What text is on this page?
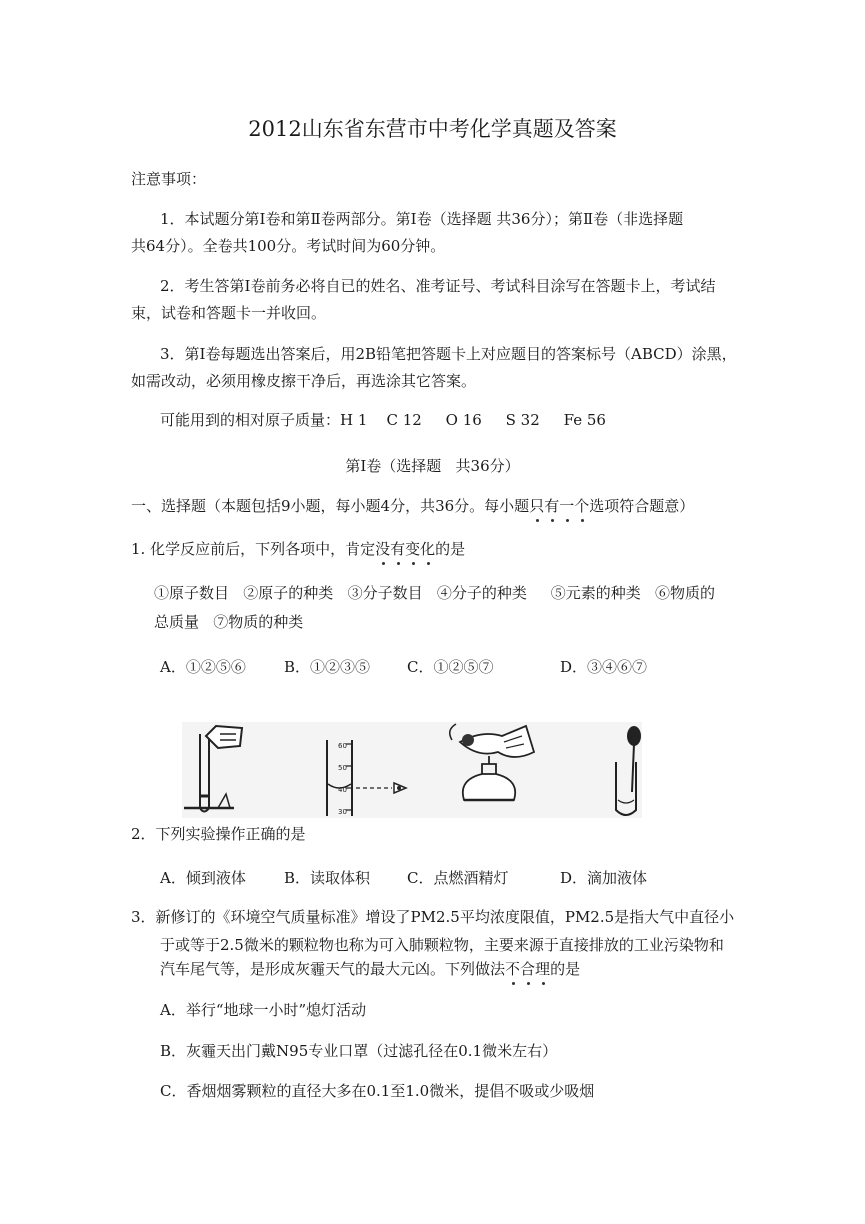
2012山东省东营市中考化学真题及答案
注意事项：
1．本试题分第Ⅰ卷和第Ⅱ卷两部分。第Ⅰ卷（选择题 共36分）；第Ⅱ卷（非选择题
共64分）。全卷共100分。考试时间为60分钟。
2．考生答第Ⅰ卷前务必将自已的姓名、准考证号、考试科目涂写在答题卡上，考试结
束，试卷和答题卡一并收回。
3．第Ⅰ卷每题选出答案后，用2B铅笔把答题卡上对应题目的答案标号（ABCD）涂黑，
如需改动，必须用橡皮擦干净后，再选涂其它答案。
可能用到的相对原子质量：H 1    C 12     O 16     S 32     Fe 56
第Ⅰ卷（选择题   共36分）
一、选择题（本题包括9小题，每小题4分，共36分。每小题只有一个选项符合题意）
1. 化学反应前后，下列各项中，肯定没有变化的是
①原子数目   ②原子的种类   ③分子数目   ④分子的种类     ⑤元素的种类   ⑥物质的
总质量   ⑦物质的种类
A．①②⑤⑥	B．①②③⑤ C．①②⑤⑦	D．③④⑥⑦
60
50
40
30
2．下列实验操作正确的是
A．倾到液体	B．读取体积 C．点燃酒精灯	D．滴加液体
3．新修订的《环境空气质量标准》增设了PM2.5平均浓度限值，PM2.5是指大气中直径小
于或等于2.5微米的颗粒物也称为可入肺颗粒物，主要来源于直接排放的工业污染物和
汽车尾气等，是形成灰霾天气的最大元凶。下列做法不合理的是
A．举行“地球一小时”熄灯活动
B．灰霾天出门戴N95专业口罩（过滤孔径在0.1微米左右）
C．香烟烟雾颗粒的直径大多在0.1至1.0微米，提倡不吸或少吸烟
